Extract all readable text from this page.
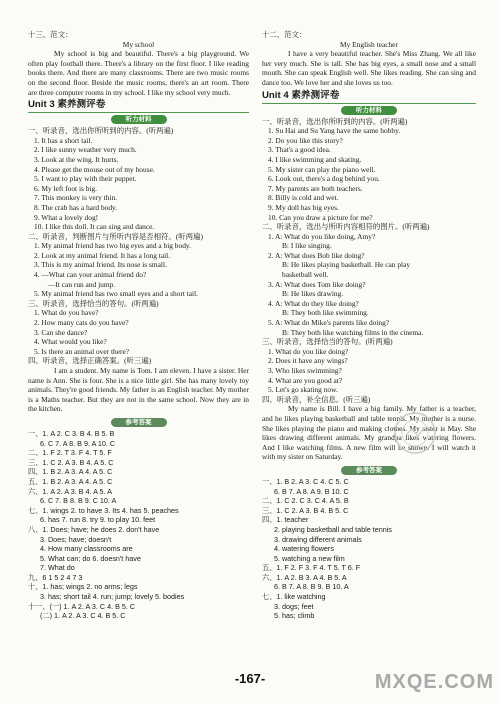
十三、范文：
My school
My school is big and beautiful. There's a big playground. We often play football there. There's a library on the first floor. I like reading books there. And there are many classrooms. There are two music rooms on the second floor. Beside the music rooms, there's an art room. There are three computer rooms in my school. I like my school very much.
Unit 3 素养测评卷
听力材料
一、听录音，选出你所听到的内容。(听两遍)
1. It has a short tail.
2. I like sunny weather very much.
3. Look at the wing. It hurts.
4. Please get the mouse out of my house.
5. I want to play with their puppet.
6. My left foot is big.
7. This monkey is very thin.
8. The crab has a hard body.
9. What a lovely dog!
10. I like this doll. It can sing and dance.
二、听录音，判断图片与所听内容是否相符。(听两遍)
1. My animal friend has two big eyes and a big body.
2. Look at my animal friend. It has a long tail.
3. This is my animal friend. Its nose is small.
4. —What can your animal friend do?
—It can run and jump.
5. My animal friend has two small eyes and a short tail.
三、听录音，选择恰当的答句。(听两遍)
1. What do you have?
2. How many cats do you have?
3. Can she dance?
4. What would you like?
5. Is there an animal over there?
四、听录音，选择正确答案。(听三遍)
I am a student. My name is Tom. I am eleven. I have a sister. Her name is Ann. She is four. She is a nice little girl. She has many lovely toy animals. They're good friends. My father is an English teacher. My mother is a Maths teacher. But they are not in the same school. Now they are in the kitchen.
参考答案
一、1. A 2. C 3. B 4. B 5. B
6. C 7. A 8. B 9. A 10. C
二、1. F 2. T 3. F 4. T 5. F
三、1. C 2. A 3. B 4. A 5. C
四、1. B 2. A 3. A 4. A 5. C
五、1. B 2. A 3. A 4. A 5. C
六、1. A 2. A 3. B 4. A 5. A
6. C 7. B 8. B 9. C 10. A
七、1. wings 2. to have 3. Its 4. has 5. peaches
6. has 7. run 8. try 9. to play 10. feet
八、1. Does; have; he does 2. don't have
3. Does; have; doesn't
4. How many classrooms are
5. What can; do 6. doesn't have
7. What do
九、6 1 5 2 4 7 3
十、1. has; wings 2. no arms; legs
3. has; short tail 4. run; jump; lovely 5. bodies
十一、(一) 1. A 2. A 3. C 4. B 5. C
(二) 1. A 2. A 3. C 4. B 5. C
十二、范文：
My English teacher
I have a very beautiful teacher. She's Miss Zhang. We all like her very much. She is tall. She has big eyes, a small nose and a small mouth. She can speak English well. She likes reading. She can sing and dance too. We love her and she loves us too.
Unit 4 素养测评卷
听力材料
一、听录音，选出你所听到的内容。(听两遍)
1. Su Hai and Su Yang have the same hobby.
2. Do you like this story?
3. That's a good idea.
4. I like swimming and skating.
5. My sister can play the piano well.
6. Look out, there's a dog behind you.
7. My parents are both teachers.
8. Billy is cold and wet.
9. My doll has big eyes.
10. Can you draw a picture for me?
二、听录音，选出与所听内容相符的图片。(听两遍)
1. A: What do you like doing, Amy?
B: I like singing.
2. A: What does Bob like doing?
B: He likes playing basketball. He can play
basketball well.
3. A: What does Tom like doing?
B: He likes drawing.
4. A: What do they like doing?
B: They both like swimming.
5. A: What do Mike's parents like doing?
B: They both like watching films in the cinema.
三、听录音，选择恰当的答句。(听两遍)
1. What do you like doing?
2. Does it have any wings?
3. Who likes swimming?
4. What are you good at?
5. Let's go skating now.
四、听录音，补全信息。(听三遍)
My name is Bill. I have a big family. My father is a teacher, and he likes playing basketball and table tennis. My mother is a nurse. She likes playing the piano and making clothes. My sister is May. She likes drawing different animals. My grandpa likes watering flowers. And I like watching films. A new film will be shown. I will watch it with my sister on Saturday.
参考答案
一、1. B 2. A 3. C 4. C 5. C
6. B 7. A 8. A 9. B 10. C
二、1. C 2. C 3. C 4. A 5. B
三、1. C 2. A 3. B 4. B 5. C
四、1. teacher
2. playing basketball and table tennis
3. drawing different animals
4. watering flowers
5. watching a new film
五、1. F 2. F 3. F 4. T 5. T 6. F
六、1. A 2. B 3. A 4. B 5. A
6. B 7. A 8. B 9. B 10. A
七、1. like watching
3. dogs; feet
5. has; climb
-167-	MXQE.COM
